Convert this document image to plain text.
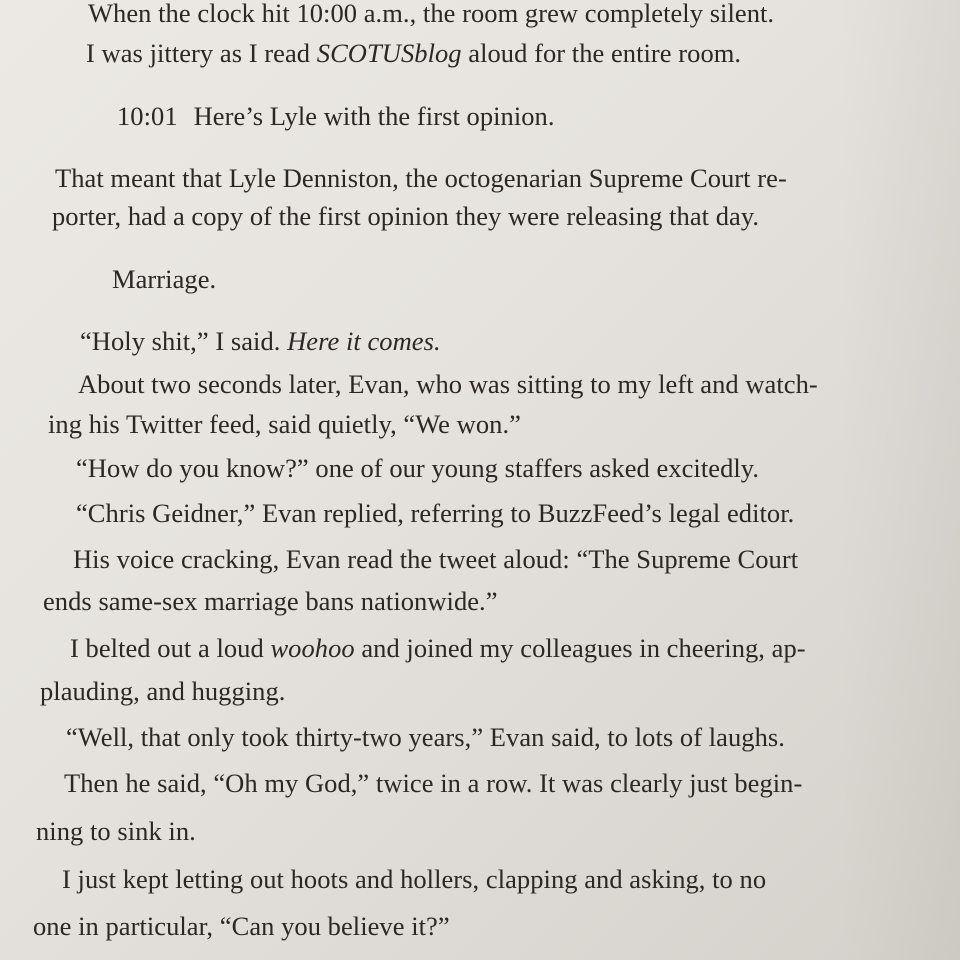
When the clock hit 10:00 a.m., the room grew completely silent.
I was jittery as I read SCOTUSblog aloud for the entire room.
10:01 Here’s Lyle with the first opinion.
That meant that Lyle Denniston, the octogenarian Supreme Court re-
porter, had a copy of the first opinion they were releasing that day.
Marriage.
“Holy shit,” I said. Here it comes.
About two seconds later, Evan, who was sitting to my left and watch-
ing his Twitter feed, said quietly, “We won.”
“How do you know?” one of our young staffers asked excitedly.
“Chris Geidner,” Evan replied, referring to BuzzFeed’s legal editor.
His voice cracking, Evan read the tweet aloud: “The Supreme Court
ends same-sex marriage bans nationwide.”
I belted out a loud woohoo and joined my colleagues in cheering, ap-
plauding, and hugging.
“Well, that only took thirty-two years,” Evan said, to lots of laughs.
Then he said, “Oh my God,” twice in a row. It was clearly just begin-
ning to sink in.
I just kept letting out hoots and hollers, clapping and asking, to no
one in particular, “Can you believe it?”
